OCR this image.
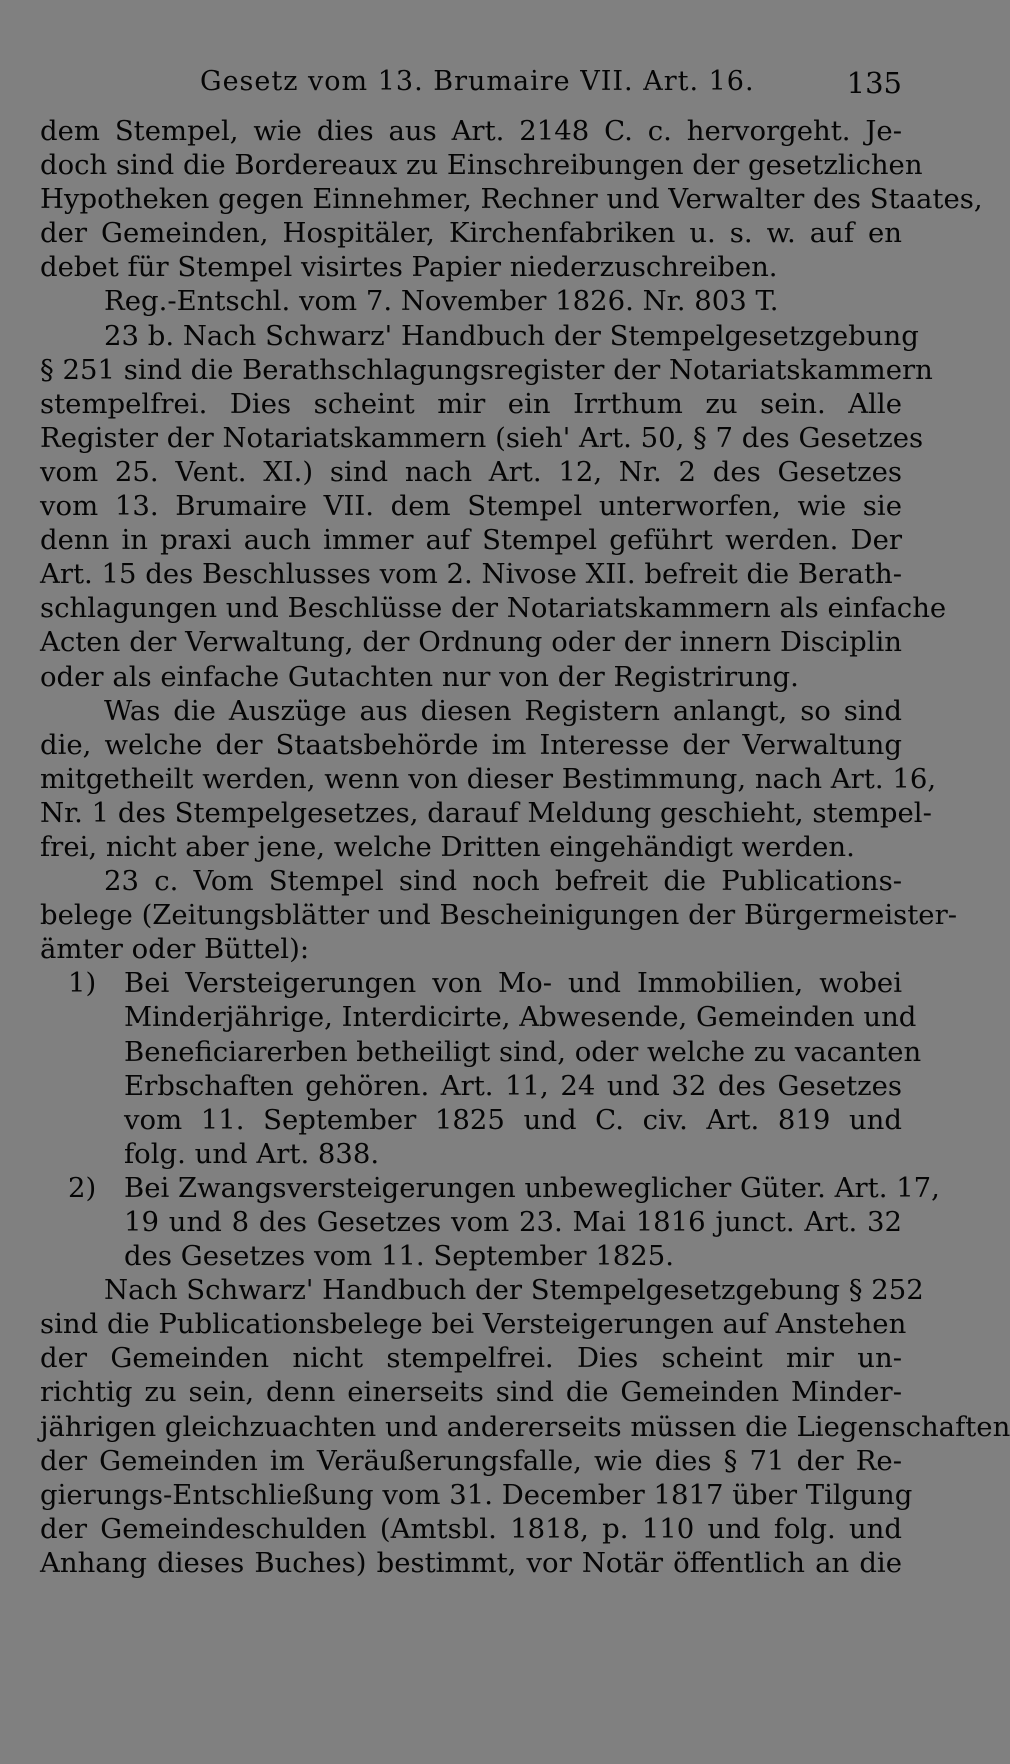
Gesetz vom 13. Brumaire VII. Art. 16.	135
dem Stempel, wie dies aus Art. 2148 C. c. hervorgeht. Je-
doch sind die Bordereaux zu Einschreibungen der gesetzlichen
Hypotheken gegen Einnehmer, Rechner und Verwalter des Staates,
der Gemeinden, Hospitäler, Kirchenfabriken u. s. w. auf en
debet für Stempel visirtes Papier niederzuschreiben.
Reg.-Entschl. vom 7. November 1826. Nr. 803 T.
23 b. Nach Schwarz' Handbuch der Stempelgesetzgebung
§ 251 sind die Berathschlagungsregister der Notariatskammern
stempelfrei. Dies scheint mir ein Irrthum zu sein. Alle
Register der Notariatskammern (sieh' Art. 50, § 7 des Gesetzes
vom 25. Vent. XI.) sind nach Art. 12, Nr. 2 des Gesetzes
vom 13. Brumaire VII. dem Stempel unterworfen, wie sie
denn in praxi auch immer auf Stempel geführt werden. Der
Art. 15 des Beschlusses vom 2. Nivose XII. befreit die Berath-
schlagungen und Beschlüsse der Notariatskammern als einfache
Acten der Verwaltung, der Ordnung oder der innern Disciplin
oder als einfache Gutachten nur von der Registrirung.
Was die Auszüge aus diesen Registern anlangt, so sind
die, welche der Staatsbehörde im Interesse der Verwaltung
mitgetheilt werden, wenn von dieser Bestimmung, nach Art. 16,
Nr. 1 des Stempelgesetzes, darauf Meldung geschieht, stempel-
frei, nicht aber jene, welche Dritten eingehändigt werden.
23 c. Vom Stempel sind noch befreit die Publications-
belege (Zeitungsblätter und Bescheinigungen der Bürgermeister-
ämter oder Büttel):
1) Bei Versteigerungen von Mo- und Immobilien, wobei
Minderjährige, Interdicirte, Abwesende, Gemeinden und
Beneficiarerben betheiligt sind, oder welche zu vacanten
Erbschaften gehören. Art. 11, 24 und 32 des Gesetzes
vom 11. September 1825 und C. civ. Art. 819 und
folg. und Art. 838.
2) Bei Zwangsversteigerungen unbeweglicher Güter. Art. 17,
19 und 8 des Gesetzes vom 23. Mai 1816 junct. Art. 32
des Gesetzes vom 11. September 1825.
Nach Schwarz' Handbuch der Stempelgesetzgebung § 252
sind die Publicationsbelege bei Versteigerungen auf Anstehen
der Gemeinden nicht stempelfrei. Dies scheint mir un-
richtig zu sein, denn einerseits sind die Gemeinden Minder-
jährigen gleichzuachten und andererseits müssen die Liegenschaften
der Gemeinden im Veräußerungsfalle, wie dies § 71 der Re-
gierungs-Entschließung vom 31. December 1817 über Tilgung
der Gemeindeschulden (Amtsbl. 1818, p. 110 und folg. und
Anhang dieses Buches) bestimmt, vor Notär öffentlich an die
